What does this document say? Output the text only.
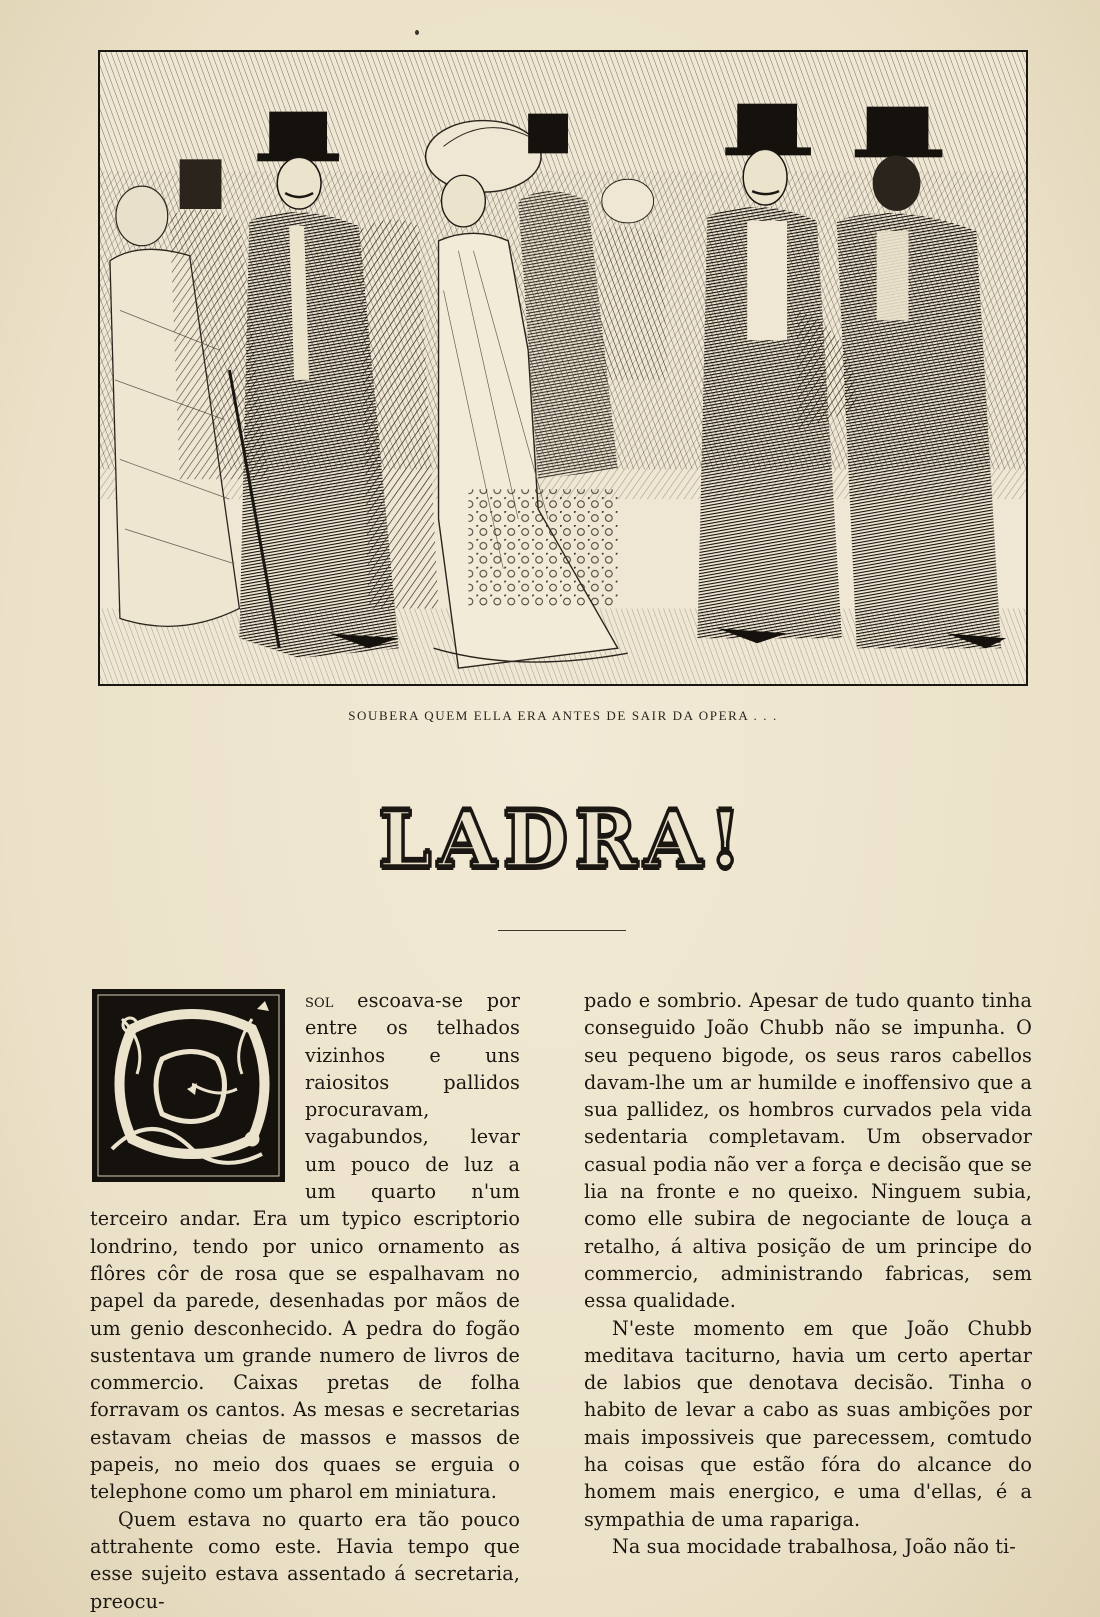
SOUBERA QUEM ELLA ERA ANTES DE SAIR DA OPERA . . .
LADRA!
O

sol escoava-se por entre os telhados vizinhos e uns raiositos pallidos procuravam, vagabundos, levar um pouco de luz a um quarto n'um terceiro andar. Era um typico escriptorio londrino, tendo por unico ornamento as flôres côr de rosa que se espalhavam no papel da parede, desenhadas por mãos de um genio desconhecido. A pedra do fogão sustentava um grande numero de livros de commercio. Caixas pretas de folha forravam os cantos. As mesas e secretarias estavam cheias de massos e massos de papeis, no meio dos quaes se erguia o telephone como um pharol em miniatura.

Quem estava no quarto era tão pouco attrahente como este. Havia tempo que esse sujeito estava assentado á secretaria, preocu-

pado e sombrio. Apesar de tudo quanto tinha conseguido João Chubb não se impunha. O seu pequeno bigode, os seus raros cabellos davam-lhe um ar humilde e inoffensivo que a sua pallidez, os hombros curvados pela vida sedentaria completavam. Um observador casual podia não ver a força e decisão que se lia na fronte e no queixo. Ninguem subia, como elle subira de negociante de louça a retalho, á altiva posição de um principe do commercio, administrando fabricas, sem essa qualidade.

N'este momento em que João Chubb meditava taciturno, havia um certo apertar de labios que denotava decisão. Tinha o habito de levar a cabo as suas ambições por mais impossiveis que parecessem, comtudo ha coisas que estão fóra do alcance do homem mais energico, e uma d'ellas, é a sympathia de uma rapariga.

Na sua mocidade trabalhosa, João não ti-
